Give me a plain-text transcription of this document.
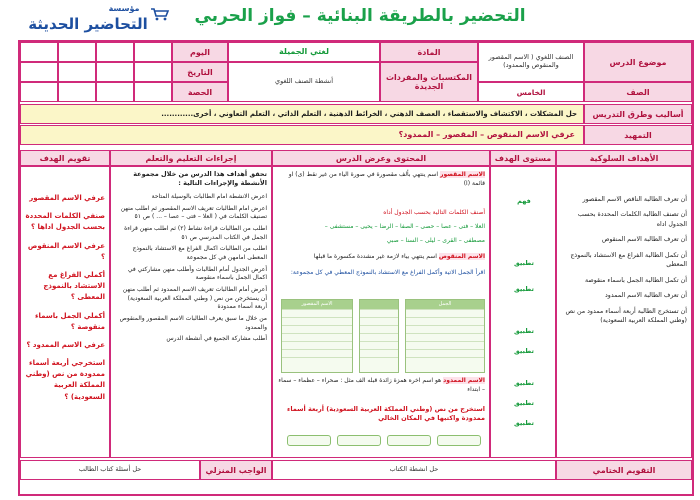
التحضير بالطريقة البنائية – فواز الحربي
مؤسسة
التحاضير الحديثة
موضوع الدرس
الصنف اللغوي ( الاسم المقصور والمنقوص والممدود)
المادة
لغتي الجميلة
المكتسبات والمفردات الجديدة
أنشطة الصنف اللغوي
الصف
الخامس
اليوم
التاريخ
الحصة
أساليب وطرق التدريس
حل المشكلات ، الاكتشاف والاستقصاء ، العصف الذهني ، الخرائط الذهنية ، التعلم الذاتي ، التعلم التعاوني ، أخرى............
التمهيد
عرفي الاسم المنقوص – المقصور – الممدود؟
الأهداف السلوكية
مستوى الهدف
المحتوى وعرض الدرس
إجراءات التعليم والتعلم
تقويم الهدف
أن تعرف الطالبة الناقص الاسم المقصور
أن تصنف الطالبة الكلمات المحددة بحسب الجدول اداه
أن تعرف الطالبة الاسم المنقوص
أن تكمل الطالبة الفراغ مع الاستشاد بالنموذج المعطى
أن تكمل الطالبة الجمل باسماء منقوصة
أن تعرف الطالبة الاسم الممدود
أن تستخرج الطالبة أربعة أسماء ممدود من نص (وطني المملكة العربية السعودية)
فهم
تطبيق
تطبيق
تطبيق
تطبيق
تطبيق
تطبيق
تطبيق
الاسم المقصور اسم ينتهي بألف مقصورة في صورة الياء من غير نقط (ى) او قائمة (ا)
أصنف الكلمات التالية بحسب الجدول أداه
العلا – فتى – عصا – حصى – الصفا – الرضا – يحيى – مستشفى –
مصطفى – القرى – ليلى – السنا – صبي
الاسم المنقوص اسم ينتهي بياء لازمة غير مشددة مكسورة ما قبلها
اقرأ الجمل الاتية وأكمل الفراغ مع الاستشاد بالنموذج المعطي في كل مجموعة:
الجمل
الاسم المقصور
الاسم الممدود هو اسم اخره همزة زائدة قبله الف مثل : صحراء – عظماء – سماء – ابتداء
استخرج من نص (وطني المملكة العربية السعودية) أربعة أسماء ممدودة واكتبها في المكان الخالي
تحقق أهداف هذا الدرس من خلال مجموعة الأنشطة والإجراءات التالية :
اعرض الانشطة امام الطالبات بالوسيلة المتاحة
اعرض امام الطالبات تعريف الاسم المقصور ثم اطلب منهن تصنيف الكلمات في ( العلا – فتى – عصا – ... ) ص ٥١
اطلب من الطالبات قراءة نشاط (٢) ثم اطلب منهن قراءة الجمل في الكتاب المدرسي ص ٥١
اطلب من الطالبات اكمال الفراغ مع الاستشاد بالنموذج المعطى امامهن في كل مجموعة
أعرض الجدول أمام الطالبات وأطلب منهن مشاركتي في اكمال الجمل باسماء منقوصة
أعرض أمام الطالبات تعريف الاسم الممدود ثم أطلب منهن أن يستخرجن من نص ( وطني المملكة العربية السعودية) أربعة أسماء ممدودة
من خلال ما سبق يعرف الطالبات الاسم المقصور والمنقوص والممدود
أطلب مشاركة الجميع في أنشطة الدرس
عرفي الاسم المقصور
صنفي الكلمات المحددة بحسب الجدول اداها ؟
عرفي الاسم المنقوص ؟
أكملي الفراغ مع الاستشاد بالنموذج المعطى ؟
أكملي الجمل باسماء منقوصة ؟
عرفي الاسم الممدود ؟
استخرجي أربعة أسماء ممدودة من نص (وطني المملكة العربية السعودية) ؟
التقويم الختامي
حل انشطة الكتاب
الواجب المنزلي
حل أسئلة كتاب الطالب
